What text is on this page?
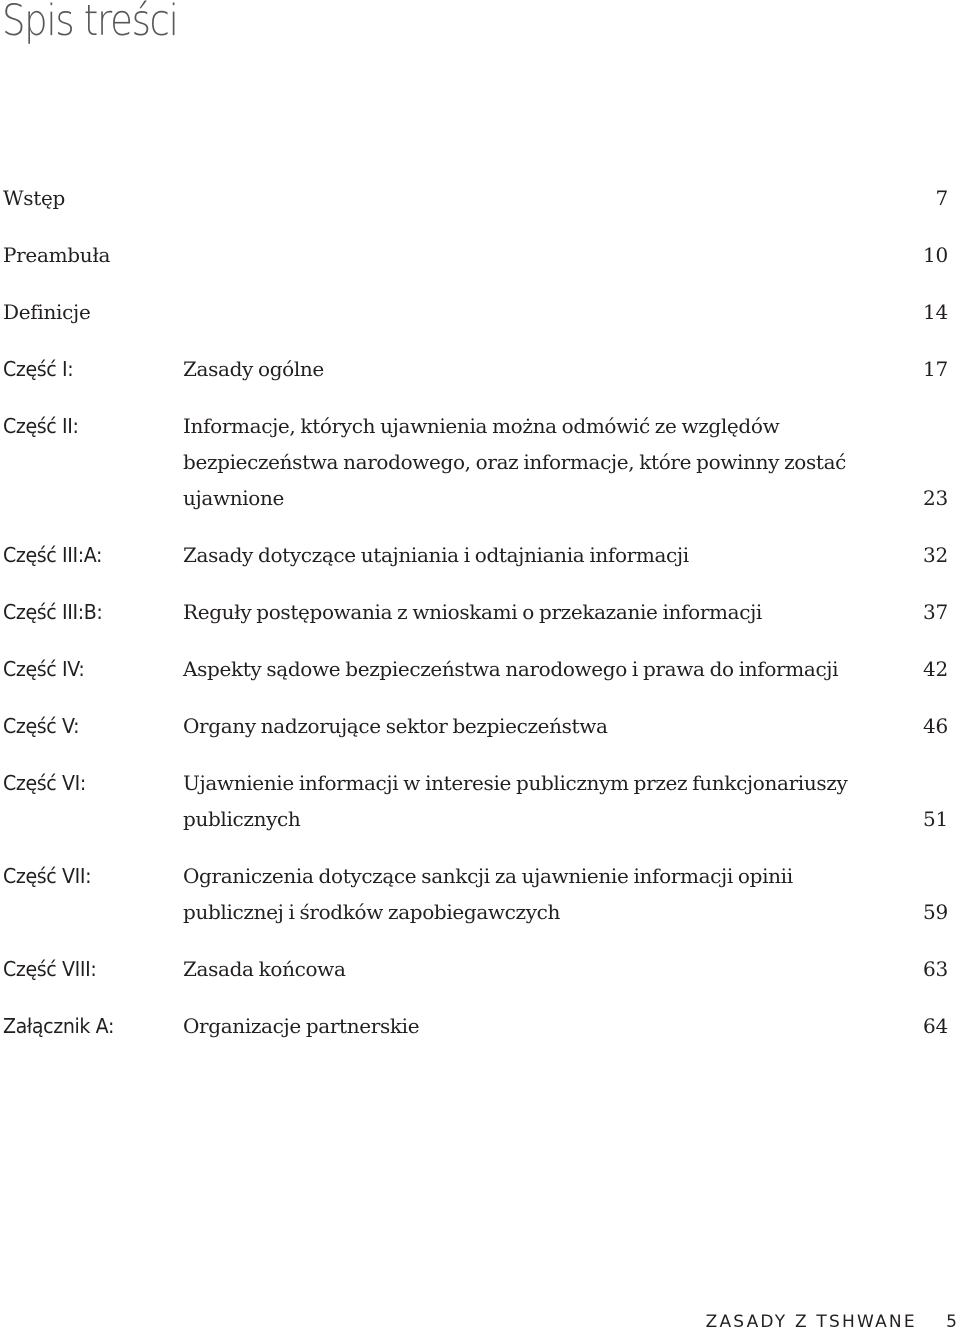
Spis treści
Wstęp	7
Preambuła	10
Definicje	14
Część I:	Zasady ogólne	17
Część II:	Informacje, których ujawnienia można odmówić ze względów bezpieczeństwa narodowego, oraz informacje, które powinny zostać ujawnione	23
Część III:A:	Zasady dotyczące utajniania i odtajniania informacji	32
Część III:B:	Reguły postępowania z wnioskami o przekazanie informacji	37
Część IV:	Aspekty sądowe bezpieczeństwa narodowego i prawa do informacji	42
Część V:	Organy nadzorujące sektor bezpieczeństwa	46
Część VI:	Ujawnienie informacji w interesie publicznym przez funkcjonariuszy publicznych	51
Część VII:	Ograniczenia dotyczące sankcji za ujawnienie informacji opinii publicznej i środków zapobiegawczych	59
Część VIII:	Zasada końcowa	63
Załącznik A:	Organizacje partnerskie	64
ZASADY Z TSHWANE 5
